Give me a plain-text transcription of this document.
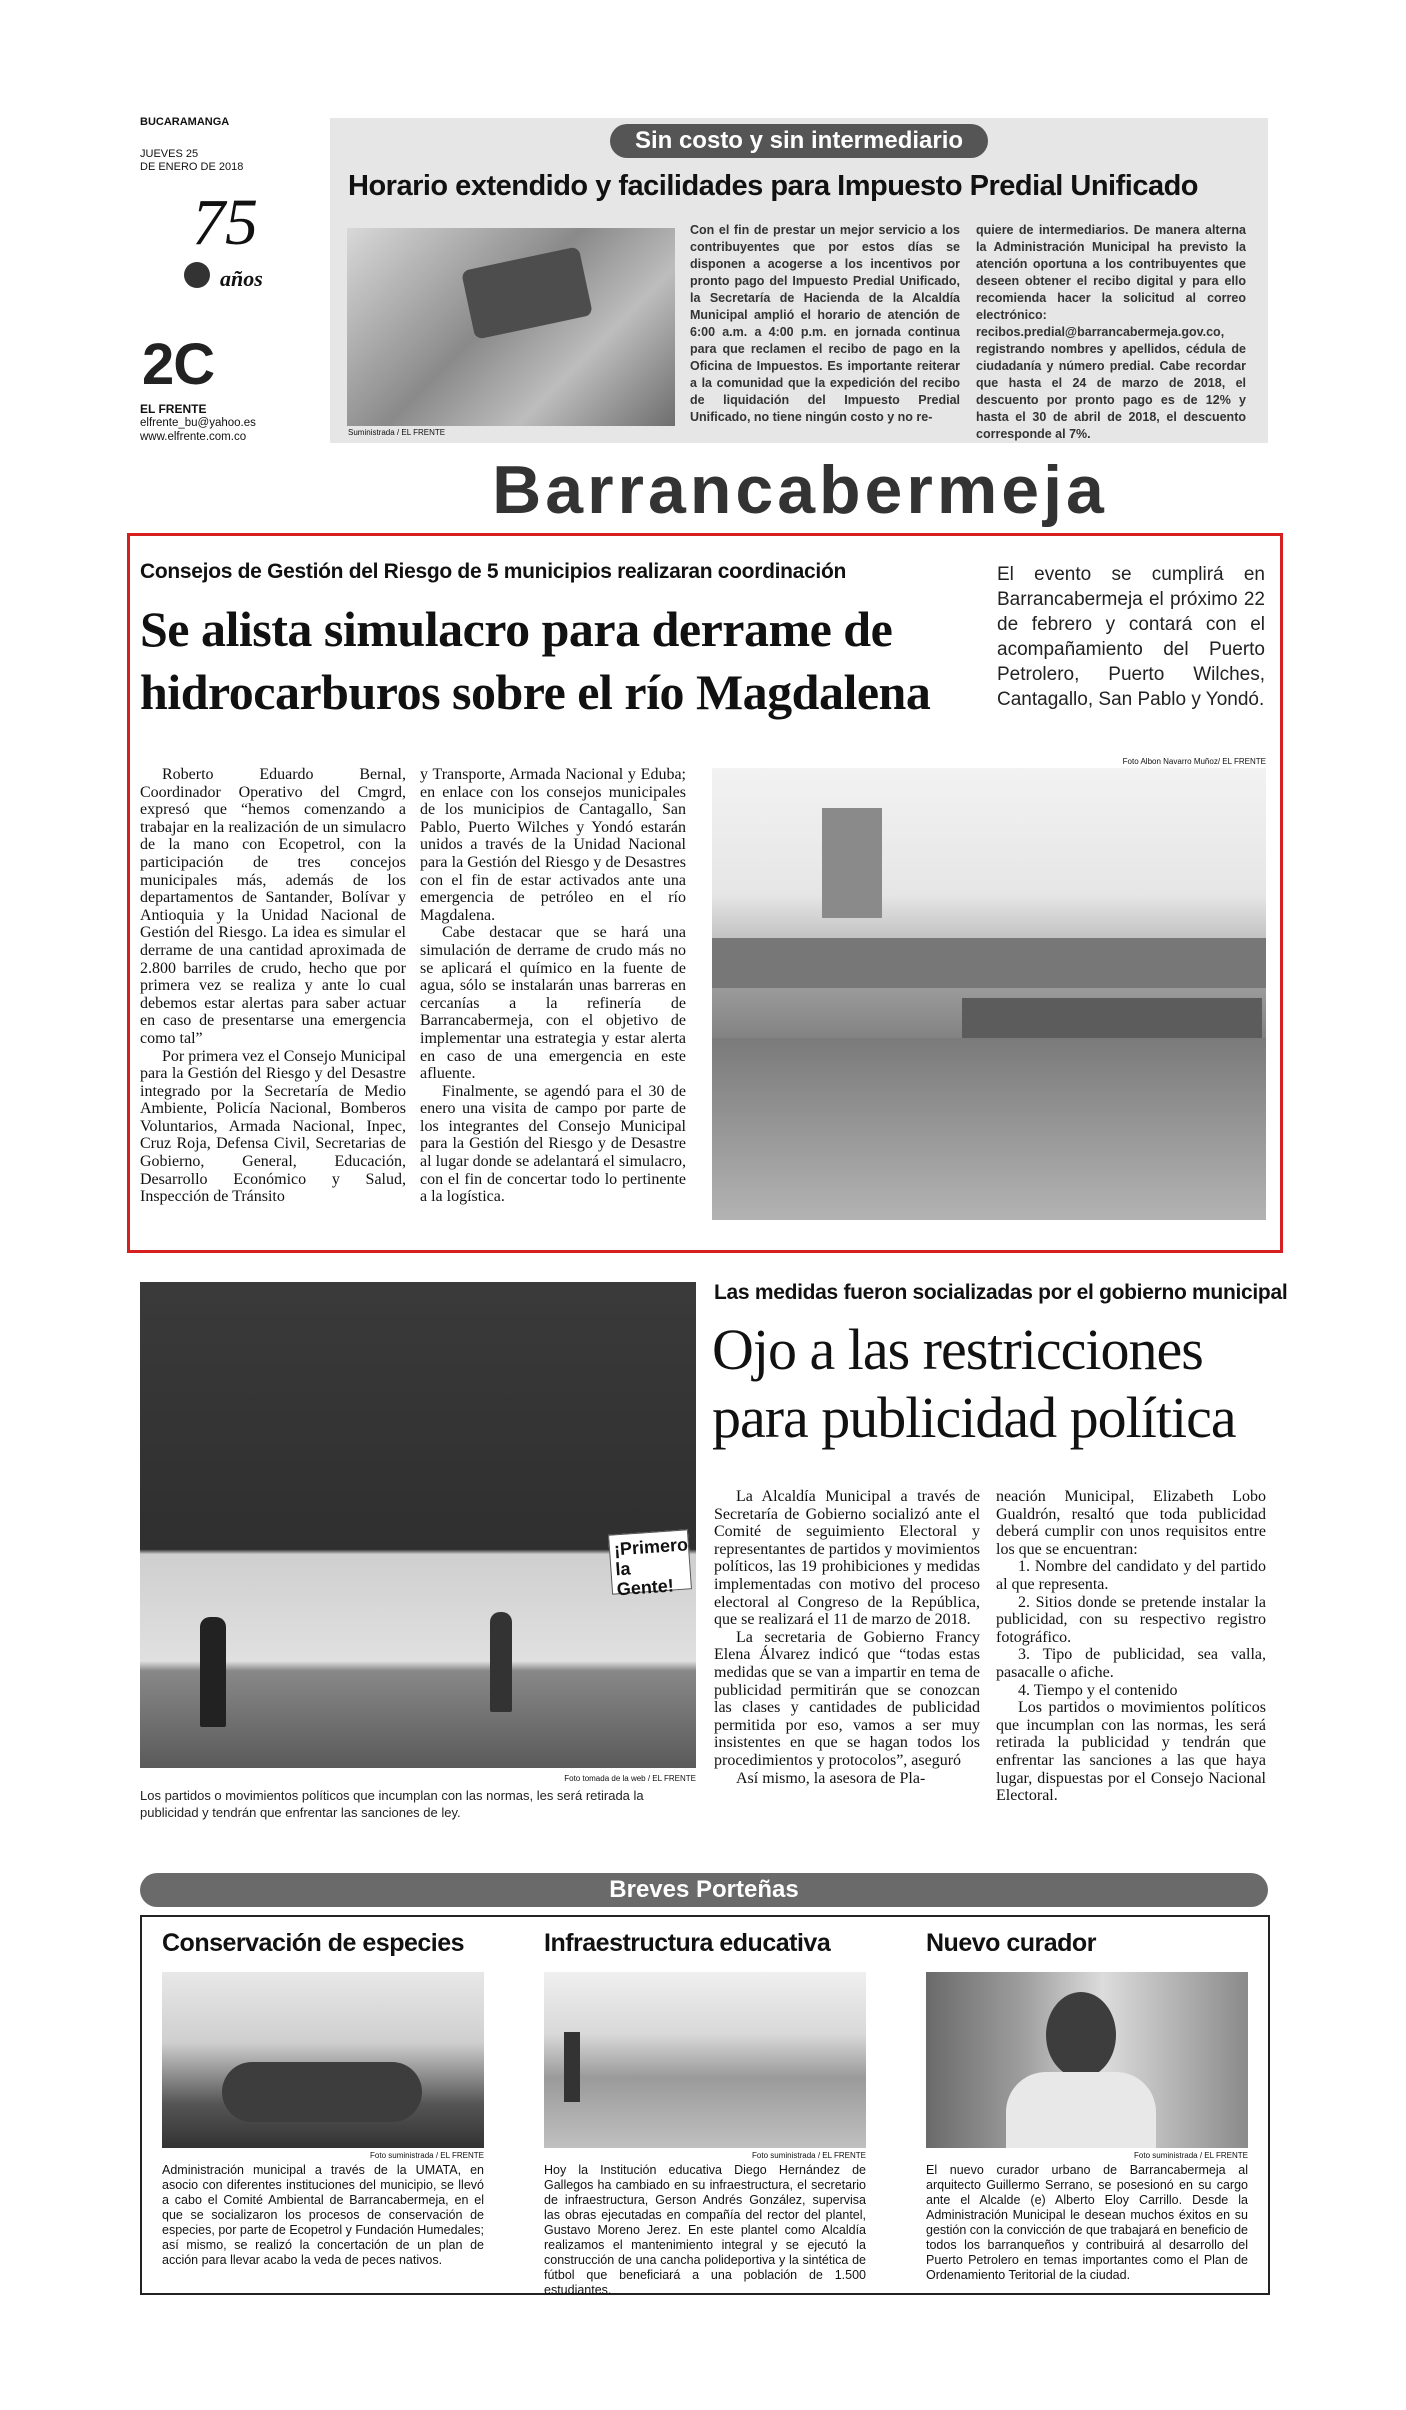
BUCARAMANGA
JUEVES 25
DE ENERO DE 2018
75
años
2C
EL FRENTE
elfrente_bu@yahoo.es
www.elfrente.com.co
Sin costo y sin intermediario
Horario extendido y facilidades para Impuesto Predial Unificado
Suministrada / EL FRENTE
Con el fin de prestar un mejor servicio a los contribuyentes que por estos días se disponen a acogerse a los incentivos por pronto pago del Impuesto Predial Unificado, la Secretaría de Hacienda de la Alcaldía Municipal amplió el horario de atención de 6:00 a.m. a 4:00 p.m. en jornada continua para que reclamen el recibo de pago en la Oficina de Impuestos. Es importante reiterar a la comunidad que la expedición del recibo de liquidación del Impuesto Predial Unificado, no tiene ningún costo y no re-
quiere de intermediarios. De manera alterna la Administración Municipal ha previsto la atención oportuna a los contribuyentes que deseen obtener el recibo digital y para ello recomienda hacer la solicitud al correo electrónico: recibos.predial@barrancabermeja.gov.co, registrando nombres y apellidos, cédula de ciudadanía y número predial. Cabe recordar que hasta el 24 de marzo de 2018, el descuento por pronto pago es de 12% y hasta el 30 de abril de 2018, el descuento corresponde al 7%.
Barrancabermeja
Consejos de Gestión del Riesgo de 5 municipios realizaran coordinación
Se alista simulacro para derrame de hidrocarburos sobre el río Magdalena
El evento se cumplirá en Barrancabermeja el próximo 22 de febrero y contará con el acompañamiento del Puerto Petrolero, Puerto Wilches, Cantagallo, San Pablo y Yondó.

Roberto Eduardo Bernal, Coordinador Operativo del Cmgrd, expresó que “hemos comenzando a trabajar en la realización de un simulacro de la mano con Ecopetrol, con la participación de tres concejos municipales más, además de los departamentos de Santander, Bolívar y Antioquia y la Unidad Nacional de Gestión del Riesgo. La idea es simular el derrame de una cantidad aproximada de 2.800 barriles de crudo, hecho que por primera vez se realiza y ante lo cual debemos estar alertas para saber actuar en caso de presentarse una emergencia como tal”

Por primera vez el Consejo Municipal para la Gestión del Riesgo y del Desastre integrado por la Secretaría de Medio Ambiente, Policía Nacional, Bomberos Voluntarios, Armada Nacional, Inpec, Cruz Roja, Defensa Civil, Secretarias de Gobierno, General, Educación, Desarrollo Económico y Salud, Inspección de Tránsito

y Transporte, Armada Nacional y Eduba; en enlace con los consejos municipales de los municipios de Cantagallo, San Pablo, Puerto Wilches y Yondó estarán unidos a través de la Unidad Nacional para la Gestión del Riesgo y de Desastres con el fin de estar activados ante una emergencia de petróleo en el río Magdalena.

Cabe destacar que se hará una simulación de derrame de crudo más no se aplicará el químico en la fuente de agua, sólo se instalarán unas barreras en cercanías a la refinería de Barrancabermeja, con el objetivo de implementar una estrategia y estar alerta en caso de una emergencia en este afluente.

Finalmente, se agendó para el 30 de enero una visita de campo por parte de los integrantes del Consejo Municipal para la Gestión del Riesgo y de Desastre al lugar donde se adelantará el simulacro, con el fin de concertar todo lo pertinente a la logística.

Foto Albon Navarro Muñoz/ EL FRENTE
¡Primero la Gente!
Foto tomada de la web / EL FRENTE
Los partidos o movimientos políticos que incumplan con las normas, les será retirada la publicidad y tendrán que enfrentar las sanciones de ley.
Las medidas fueron socializadas por el gobierno municipal
Ojo a las restricciones para publicidad política

La Alcaldía Municipal a través de Secretaría de Gobierno socializó ante el Comité de seguimiento Electoral y representantes de partidos y movimientos políticos, las 19 prohibiciones y medidas implementadas con motivo del proceso electoral al Congreso de la República, que se realizará el 11 de marzo de 2018.

La secretaria de Gobierno Francy Elena Álvarez indicó que “todas estas medidas que se van a impartir en tema de publicidad permitirán que se conozcan las clases y cantidades de publicidad permitida por eso, vamos a ser muy insistentes en que se hagan todos los procedimientos y protocolos”, aseguró

Así mismo, la asesora de Pla-

neación Municipal, Elizabeth Lobo Gualdrón, resaltó que toda publicidad deberá cumplir con unos requisitos entre los que se encuentran:

1. Nombre del candidato y del partido al que representa.

2. Sitios donde se pretende instalar la publicidad, con su respectivo registro fotográfico.

3. Tipo de publicidad, sea valla, pasacalle o afiche.

4. Tiempo y el contenido

Los partidos o movimientos políticos que incumplan con las normas, les será retirada la publicidad y tendrán que enfrentar las sanciones a las que haya lugar, dispuestas por el Consejo Nacional Electoral.

Breves Porteñas
Conservación de especies
Foto suministrada / EL FRENTE
Administración municipal a través de la UMATA, en asocio con diferentes instituciones del municipio, se llevó a cabo el Comité Ambiental de Barrancabermeja, en el que se socializaron los procesos de conservación de especies, por parte de Ecopetrol y Fundación Humedales; así mismo, se realizó la concertación de un plan de acción para llevar acabo la veda de peces nativos.
Infraestructura educativa
Foto suministrada / EL FRENTE
Hoy la Institución educativa Diego Hernández de Gallegos ha cambiado en su infraestructura, el secretario de infraestructura, Gerson Andrés González, supervisa las obras ejecutadas en compañía del rector del plantel, Gustavo Moreno Jerez. En este plantel como Alcaldía realizamos el mantenimiento integral y se ejecutó la construcción de una cancha polideportiva y la sintética de fútbol que beneficiará a una población de 1.500 estudiantes.
Nuevo curador
Foto suministrada / EL FRENTE
El nuevo curador urbano de Barrancabermeja al arquitecto Guillermo Serrano, se posesionó en su cargo ante el Alcalde (e) Alberto Eloy Carrillo. Desde la Administración Municipal le desean muchos éxitos en su gestión con la convicción de que trabajará en beneficio de todos los barranqueños y contribuirá al desarrollo del Puerto Petrolero en temas importantes como el Plan de Ordenamiento Teritorial de la ciudad.
